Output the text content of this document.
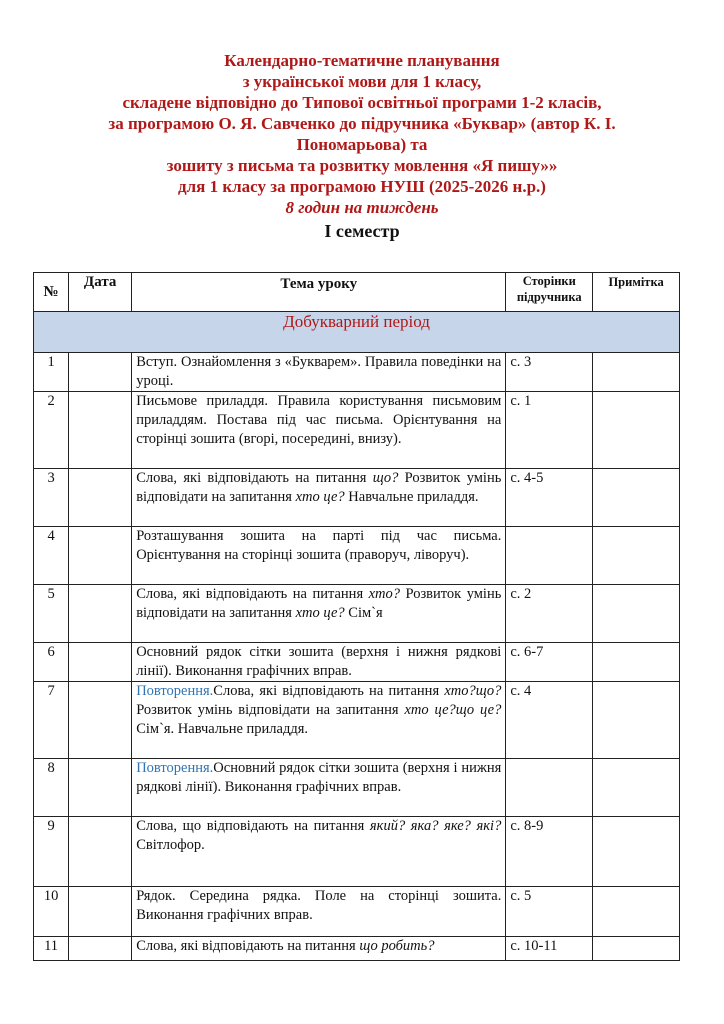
Календарно-тематичне планування
з української мови для 1 класу,
складене відповідно до Типової освітньої програми 1-2 класів,
за програмою О. Я. Савченко до підручника «Буквар» (автор К. І.
Пономарьова) та
зошиту з письма та розвитку мовлення «Я пишу»»
для 1 класу за програмою НУШ (2025-2026 н.р.)
8 годин на тиждень
І семестр
№	Дата	Тема уроку	Сторінки
підручника	Примітка
Добукварний період				
1		Вступ. Ознайомлення з «Букварем». Правила поведінки на уроці.	с. 3	
2		Письмове приладдя. Правила користування письмовим приладдям. Постава під час письма. Орієнтування на сторінці зошита (вгорі, посередині, внизу).	с. 1	
3		Слова, які відповідають на питання що? Розвиток умінь відповідати на запитання хто це? Навчальне приладдя.	с. 4-5	
4		Розташування зошита на парті під час письма. Орієнтування на сторінці зошита (праворуч, ліворуч).		
5		Слова, які відповідають на питання хто? Розвиток умінь відповідати на запитання хто це? Сім`я	с. 2	
6		Основний рядок сітки зошита (верхня і нижня рядкові лінії). Виконання графічних вправ.	с. 6-7	
7		Повторення.Слова, які відповідають на питання хто?що? Розвиток умінь відповідати на запитання хто це?що це? Сім`я. Навчальне приладдя.	с. 4	
8		Повторення.Основний рядок сітки зошита (верхня і нижня рядкові лінії). Виконання графічних вправ.		
9		Слова, що відповідають на питання який? яка? яке? які? Світлофор.	с. 8-9	
10		Рядок. Середина рядка. Поле на сторінці зошита. Виконання графічних вправ.	с. 5	
11		Слова, які відповідають на питання що робить?	с. 10-11	
